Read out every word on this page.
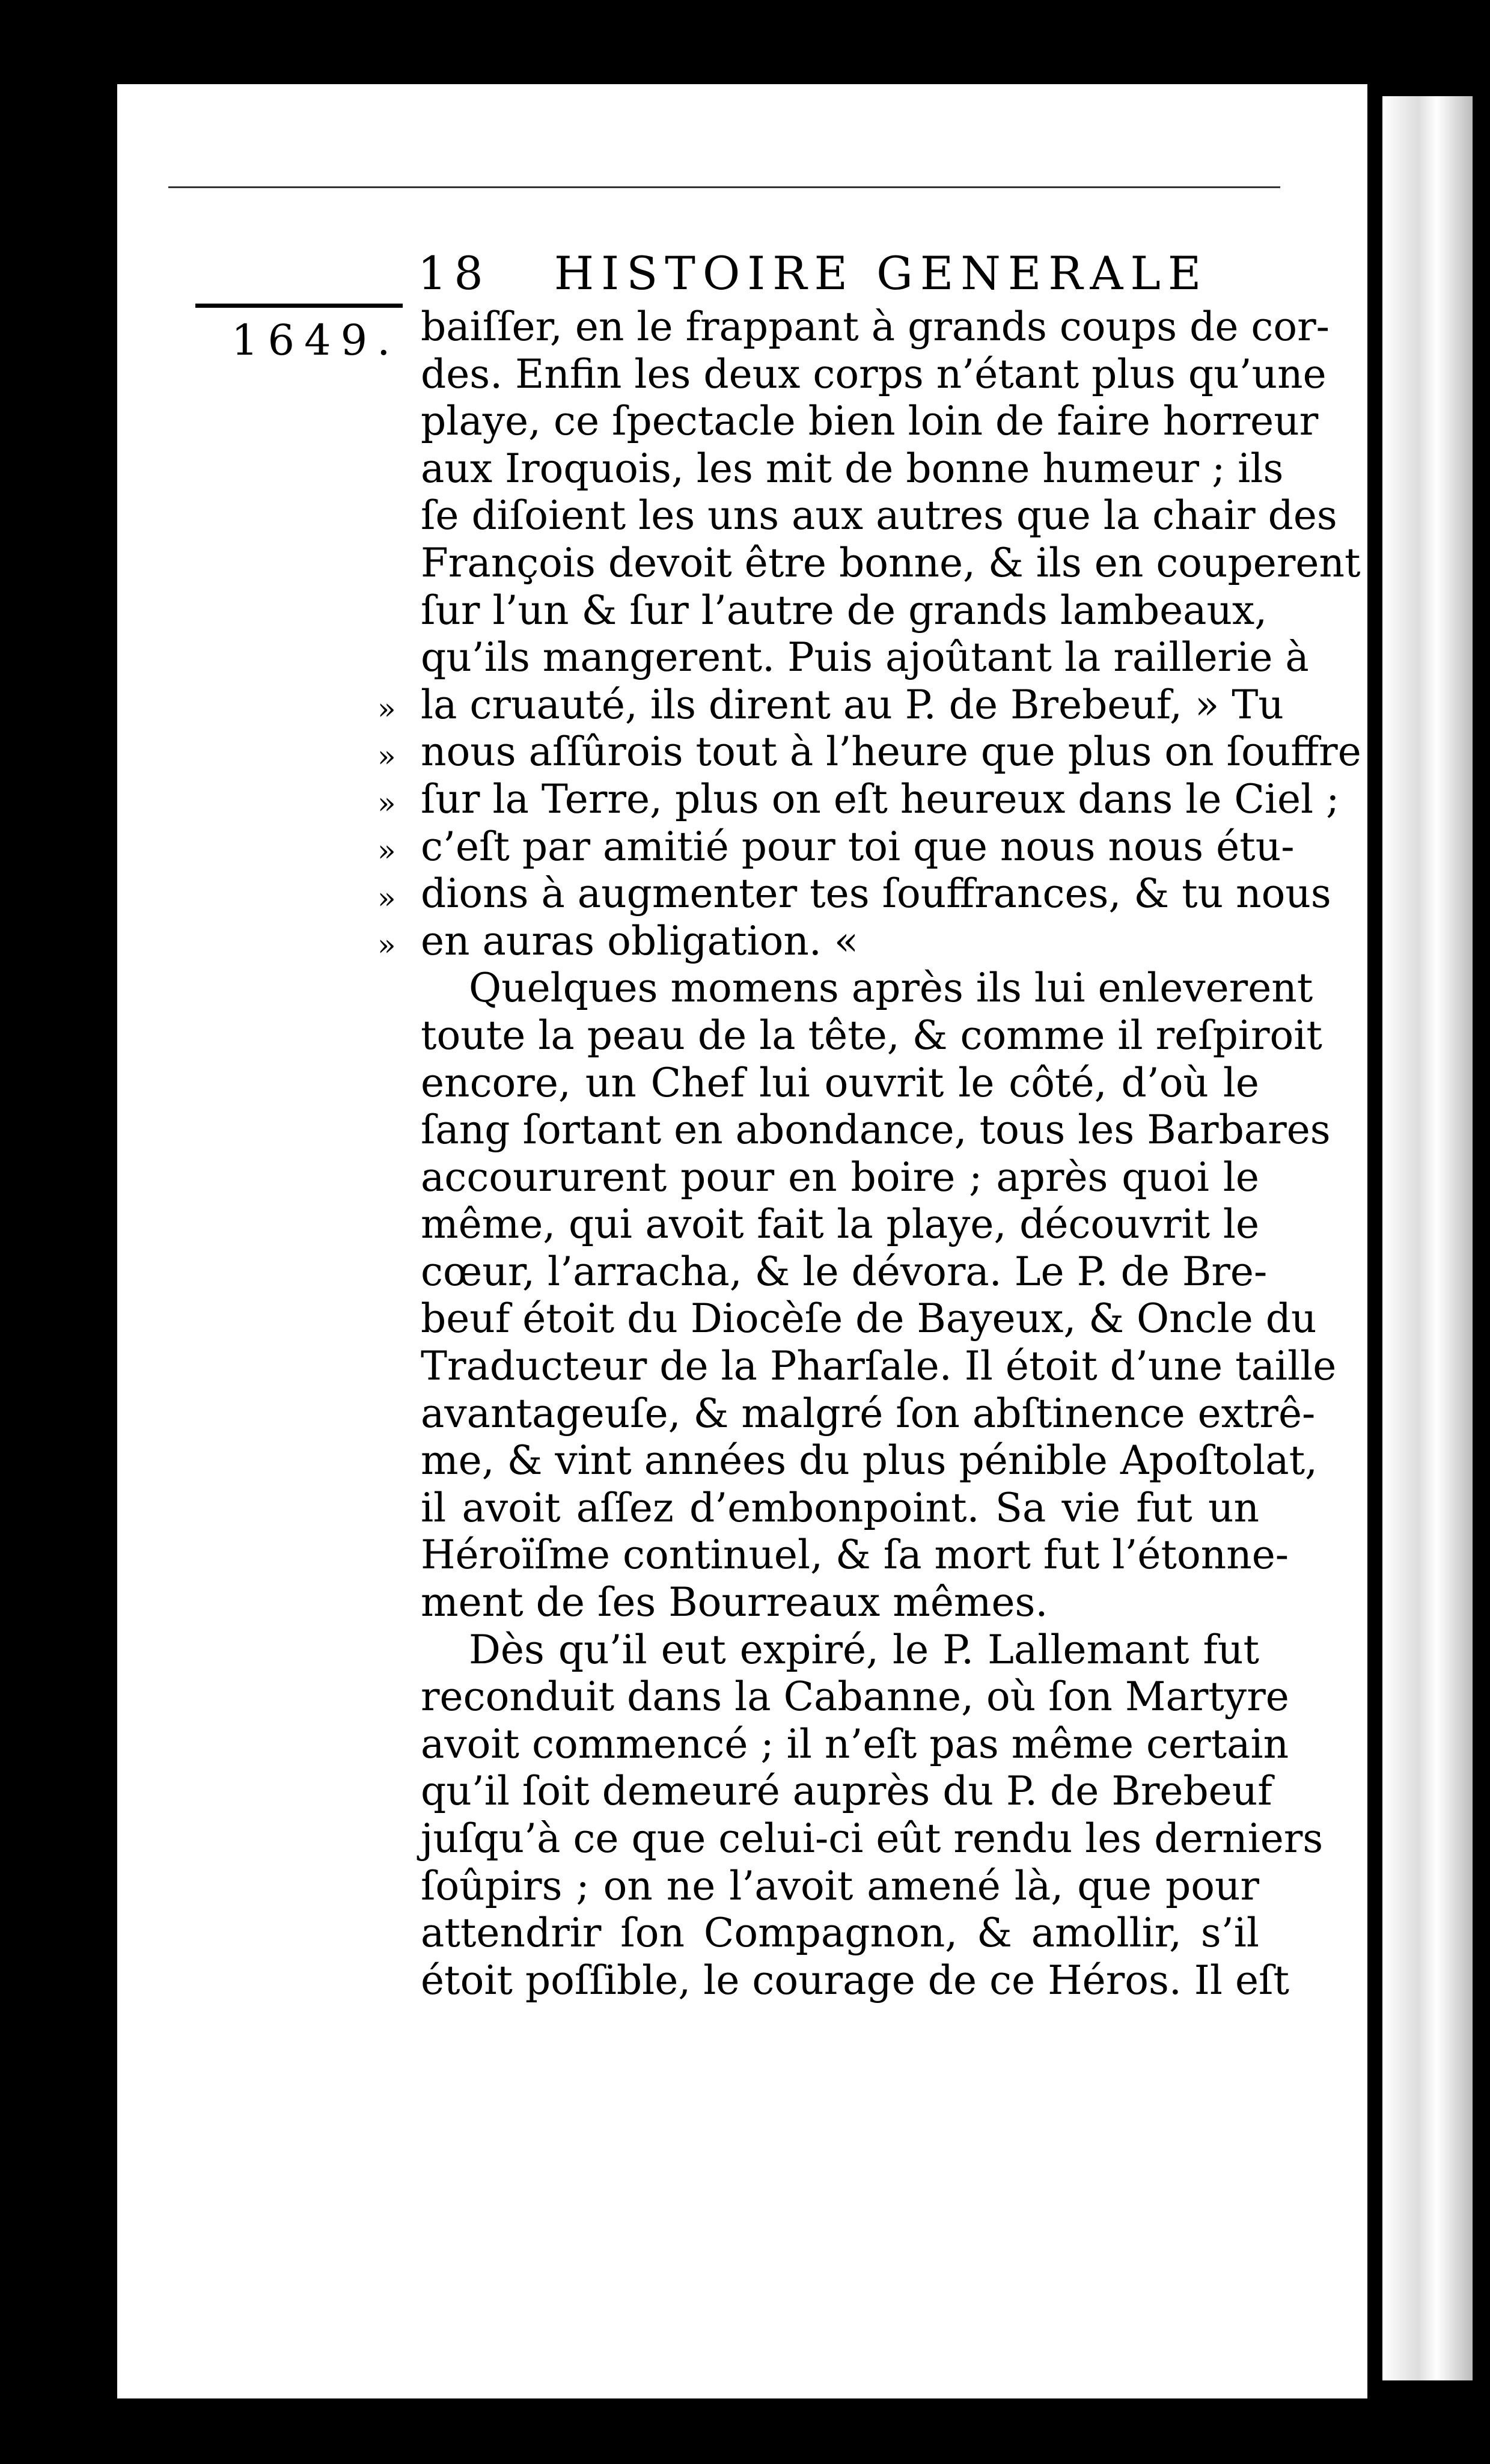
18 HISTOIRE GENERALE
1649.
»
»
»
»
»
»
baiſſer, en le frappant à grands coups de cor-
des. Enfin les deux corps n’étant plus qu’une
playe, ce ſpectacle bien loin de faire horreur
aux Iroquois, les mit de bonne humeur ; ils
ſe diſoient les uns aux autres que la chair des
François devoit être bonne, & ils en couperent
ſur l’un & ſur l’autre de grands lambeaux,
qu’ils mangerent. Puis ajoûtant la raillerie à
la cruauté, ils dirent au P. de Brebeuf, » Tu
nous aſſûrois tout à l’heure que plus on ſouffre
ſur la Terre, plus on eſt heureux dans le Ciel ;
c’eſt par amitié pour toi que nous nous étu-
dions à augmenter tes ſouffrances, & tu nous
en auras obligation. «
Quelques momens après ils lui enleverent
toute la peau de la tête, & comme il reſpiroit
encore, un Chef lui ouvrit le côté, d’où le
ſang ſortant en abondance, tous les Barbares
accoururent pour en boire ; après quoi le
même, qui avoit fait la playe, découvrit le
cœur, l’arracha, & le dévora. Le P. de Bre-
beuf étoit du Diocèſe de Bayeux, & Oncle du
Traducteur de la Pharſale. Il étoit d’une taille
avantageuſe, & malgré ſon abſtinence extrê-
me, & vint années du plus pénible Apoſtolat,
il avoit aſſez d’embonpoint. Sa vie fut un
Héroïſme continuel, & ſa mort fut l’étonne-
ment de ſes Bourreaux mêmes.
Dès qu’il eut expiré, le P. Lallemant fut
reconduit dans la Cabanne, où ſon Martyre
avoit commencé ; il n’eſt pas même certain
qu’il ſoit demeuré auprès du P. de Brebeuf
juſqu’à ce que celui-ci eût rendu les derniers
ſoûpirs ; on ne l’avoit amené là, que pour
attendrir ſon Compagnon, & amollir, s’il
étoit poſſible, le courage de ce Héros. Il eſt
